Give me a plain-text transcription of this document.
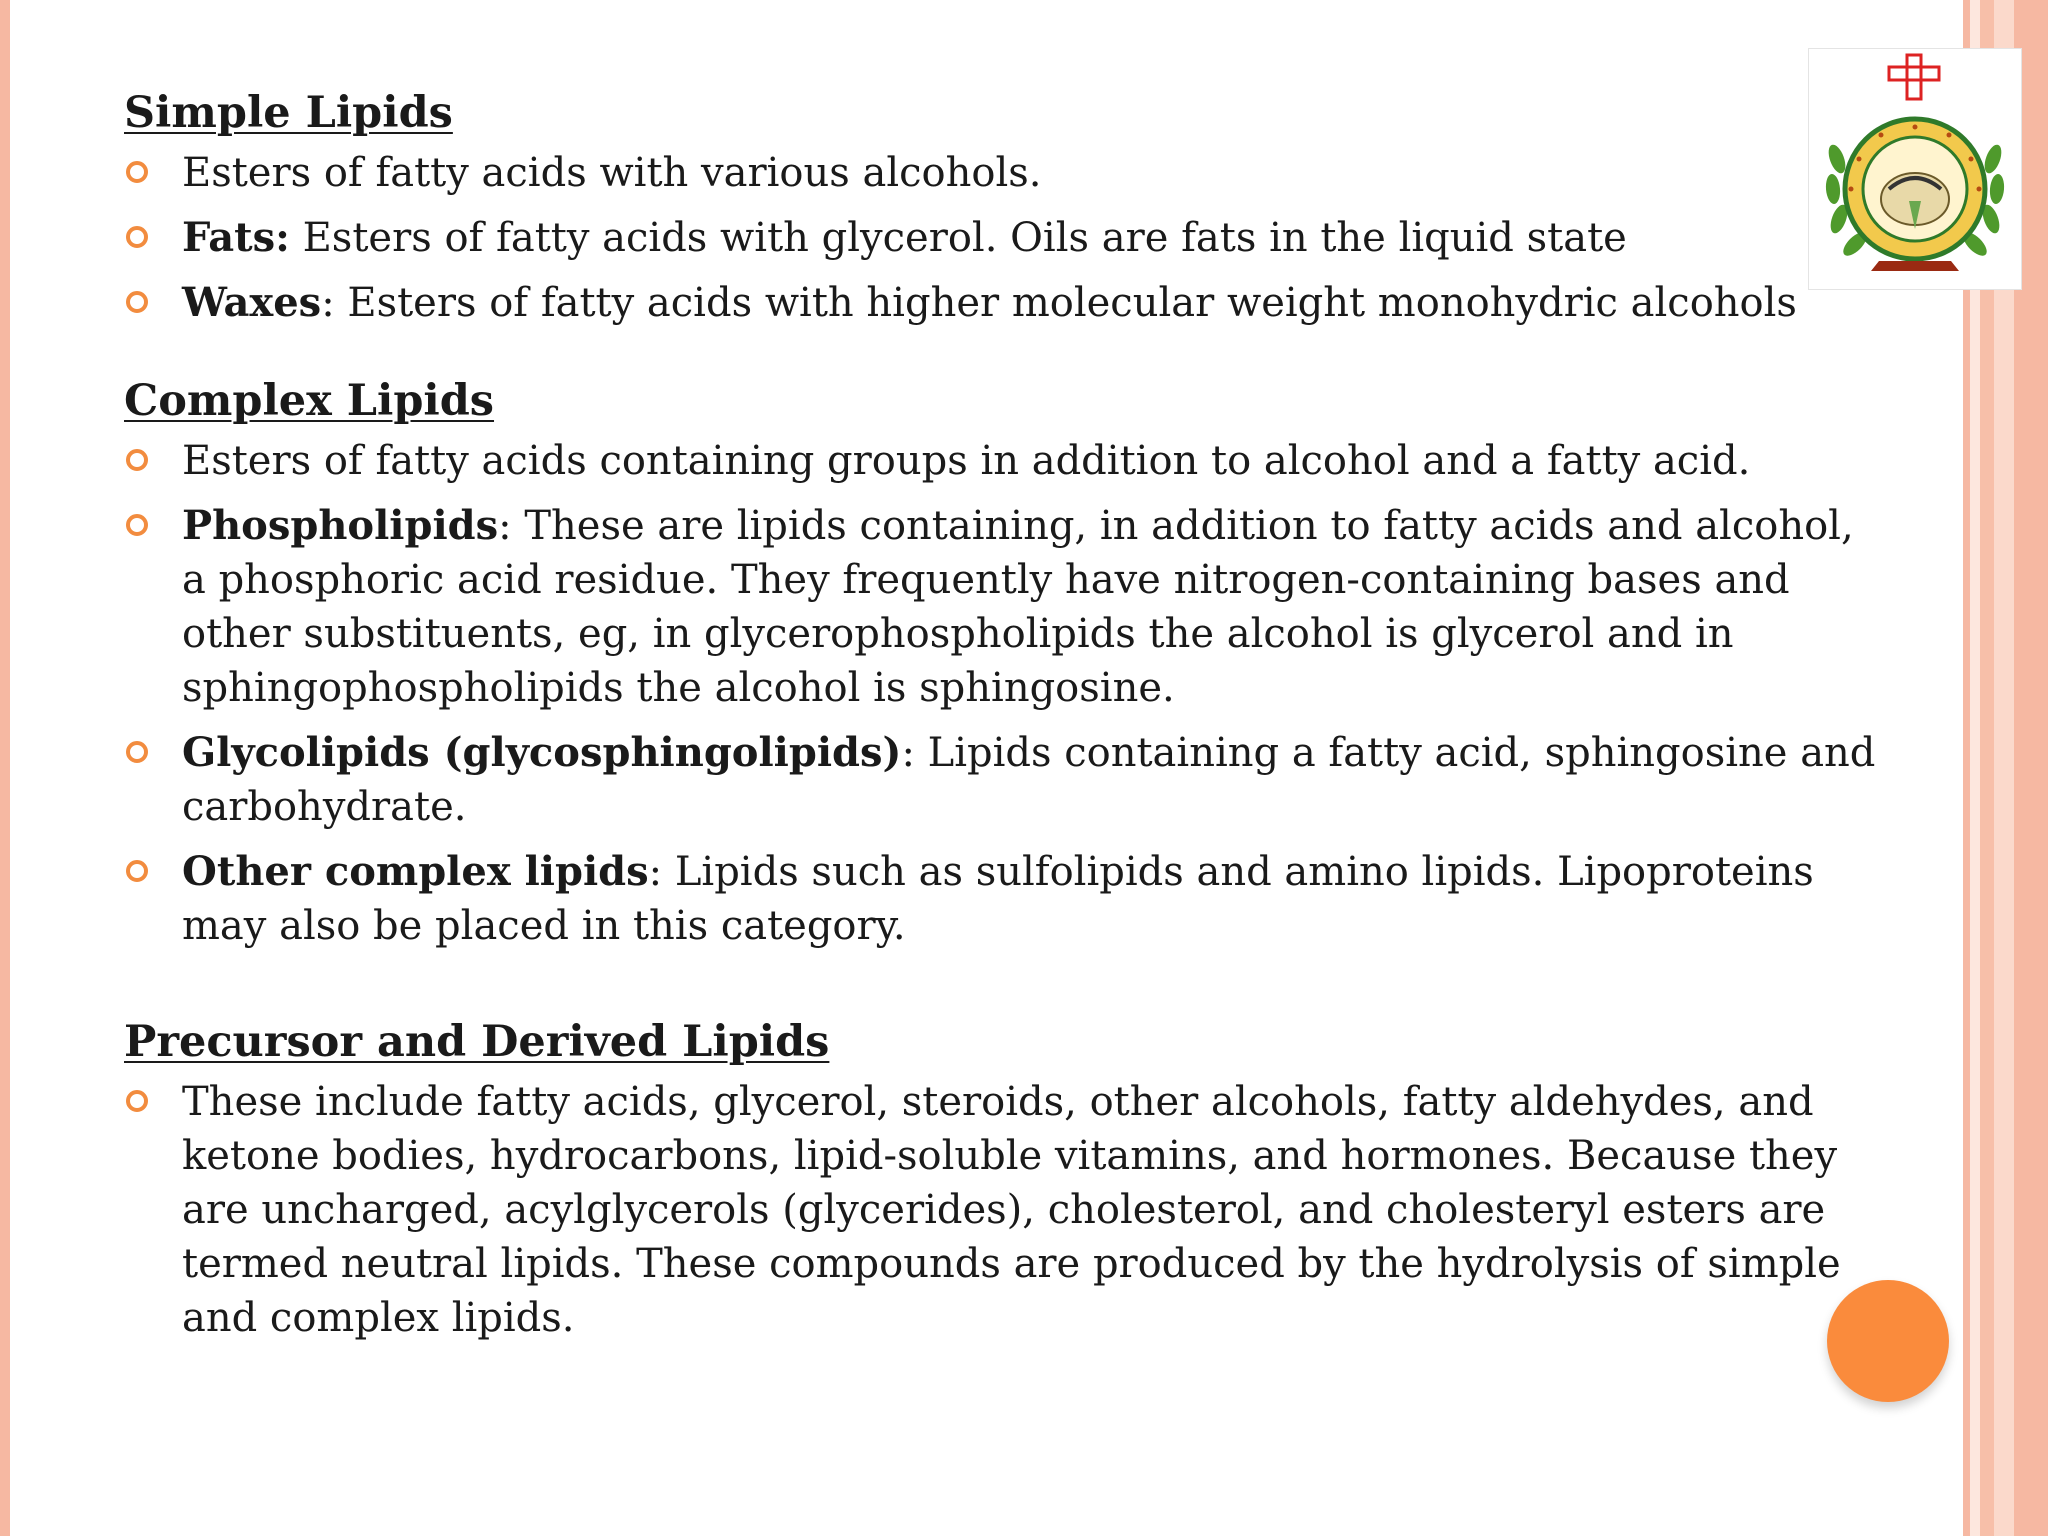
Simple Lipids
Esters of fatty acids with various alcohols.
Fats: Esters of fatty acids with glycerol. Oils are fats in the liquid state
Waxes: Esters of fatty acids with higher molecular weight monohydric alcohols
Complex Lipids
Esters of fatty acids containing groups in addition to alcohol and a fatty acid.
Phospholipids: These are lipids containing, in addition to fatty acids and alcohol, a phosphoric acid residue. They frequently have nitrogen-containing bases and other substituents, eg, in glycerophospholipids the alcohol is glycerol and in sphingophospholipids the alcohol is sphingosine.
Glycolipids (glycosphingolipids): Lipids containing a fatty acid, sphingosine and carbohydrate.
Other complex lipids: Lipids such as sulfolipids and amino lipids. Lipoproteins may also be placed in this category.
Precursor and Derived Lipids
These include fatty acids, glycerol, steroids, other alcohols, fatty aldehydes, and ketone bodies, hydrocarbons, lipid-soluble vitamins, and hormones. Because they are uncharged, acylglycerols (glycerides), cholesterol, and cholesteryl esters are termed neutral lipids. These compounds are produced by the hydrolysis of simple and complex lipids.
